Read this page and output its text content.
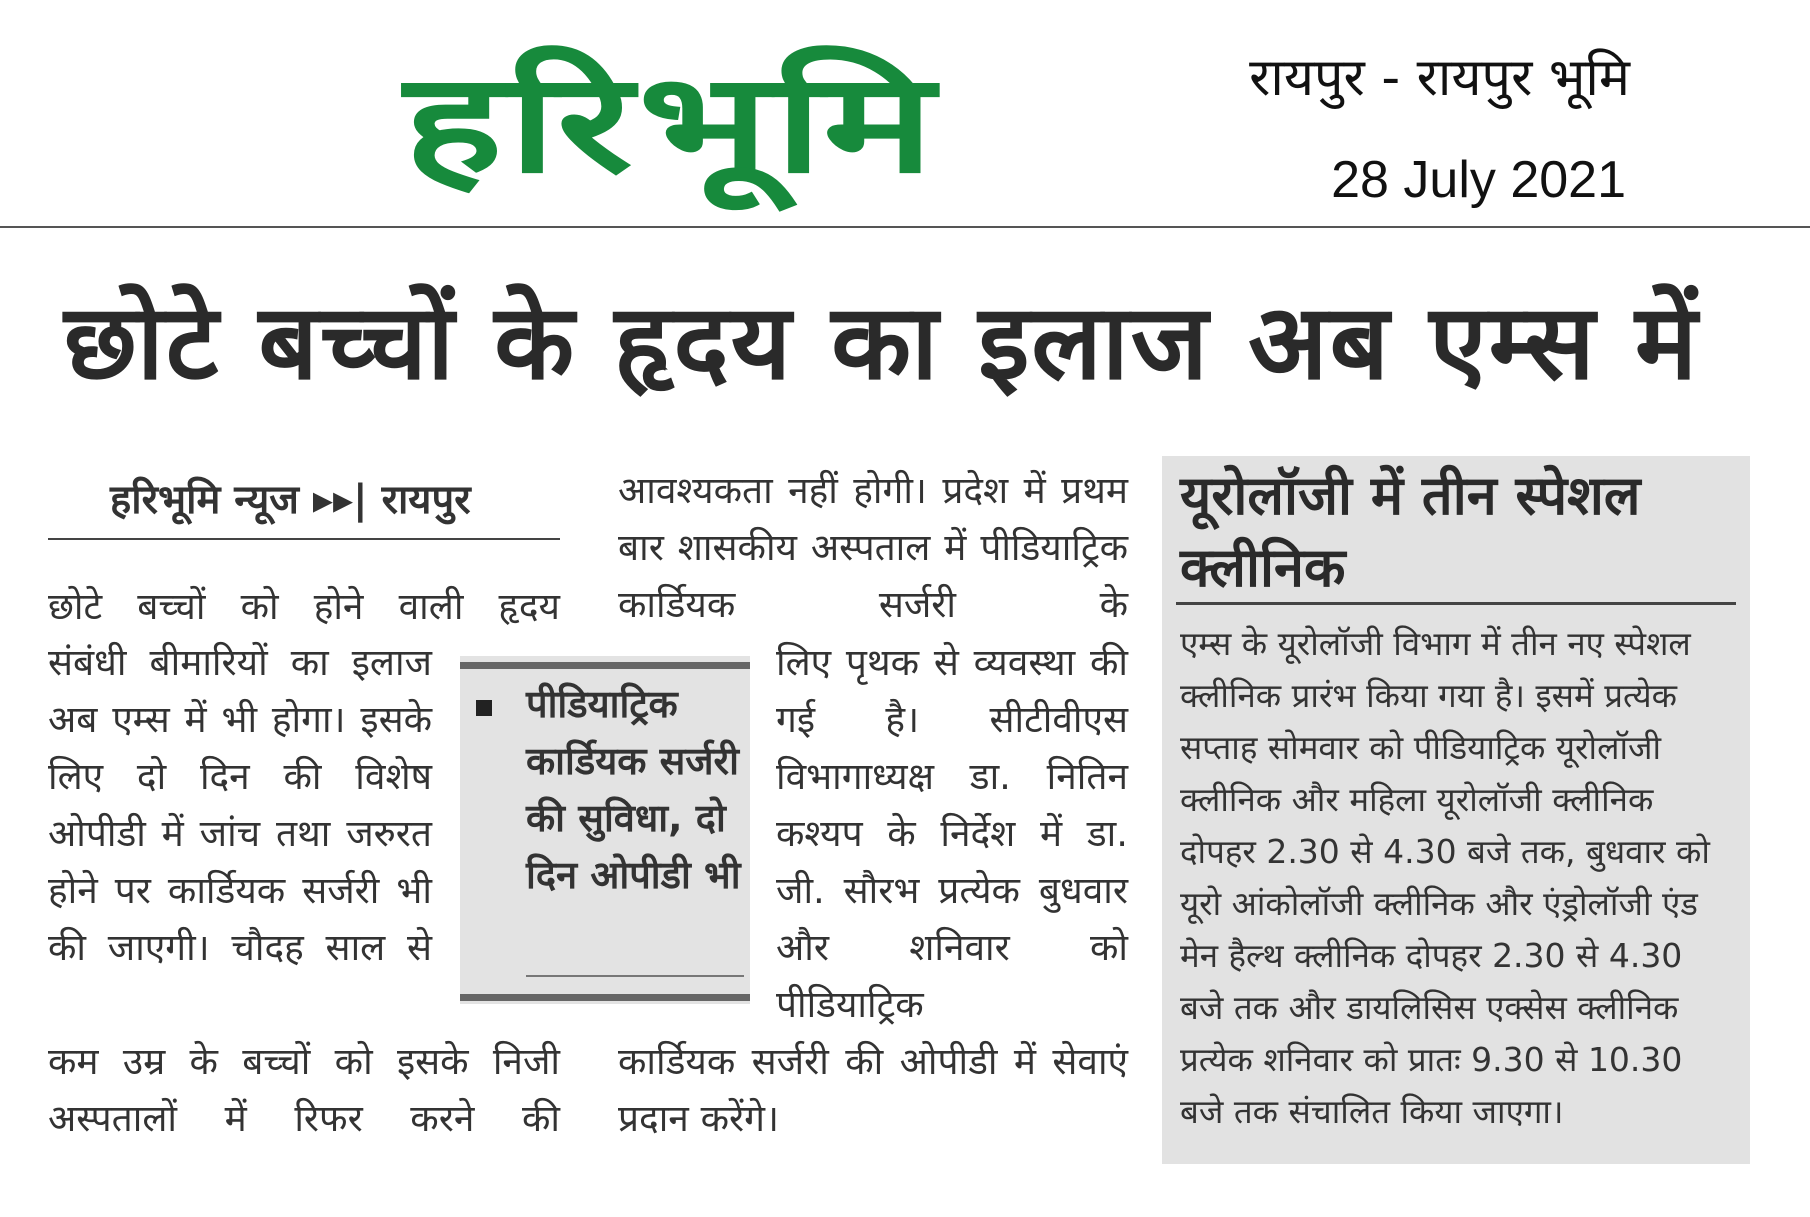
हरिभूमि	रायपुर - रायपुर भूमि
28 July 2021
छोटे बच्चों के हृदय का इलाज अब एम्स में
हरिभूमि न्यूज ▸▸| रायपुर

छोटे बच्चों को होने वाली हृदय

संबंधी बीमारियों का इलाज अब एम्स में भी होगा। इसके लिए दो दिन की विशेष ओपीडी में जांच तथा जरुरत होने पर कार्डियक सर्जरी भी की जाएगी। चौदह साल से

कम उम्र के बच्चों को इसके निजी अस्पतालों में रिफर करने की

आवश्यकता नहीं होगी। प्रदेश में प्रथम बार शासकीय अस्पताल में पीडियाट्रिक कार्डियक सर्जरी के

लिए पृथक से व्यवस्था की गई है। सीटीवीएस विभागाध्यक्ष डा. नितिन कश्यप के निर्देश में डा. जी. सौरभ प्रत्येक बुधवार और शनिवार को पीडियाट्रिक

कार्डियक सर्जरी की ओपीडी में सेवाएं प्रदान करेंगे।

पीडियाट्रिक कार्डियक सर्जरी की सुविधा, दो दिन ओपीडी भी
यूरोलॉजी में तीन स्पेशल क्लीनिक
एम्स के यूरोलॉजी विभाग में तीन नए स्पेशल क्लीनिक प्रारंभ किया गया है। इसमें प्रत्येक सप्ताह सोमवार को पीडियाट्रिक यूरोलॉजी क्लीनिक और महिला यूरोलॉजी क्लीनिक दोपहर 2.30 से 4.30 बजे तक, बुधवार को यूरो आंकोलॉजी क्लीनिक और एंड्रोलॉजी एंड मेन हैल्थ क्लीनिक दोपहर 2.30 से 4.30 बजे तक और डायलिसिस एक्सेस क्लीनिक प्रत्येक शनिवार को प्रातः 9.30 से 10.30 बजे तक संचालित किया जाएगा।
